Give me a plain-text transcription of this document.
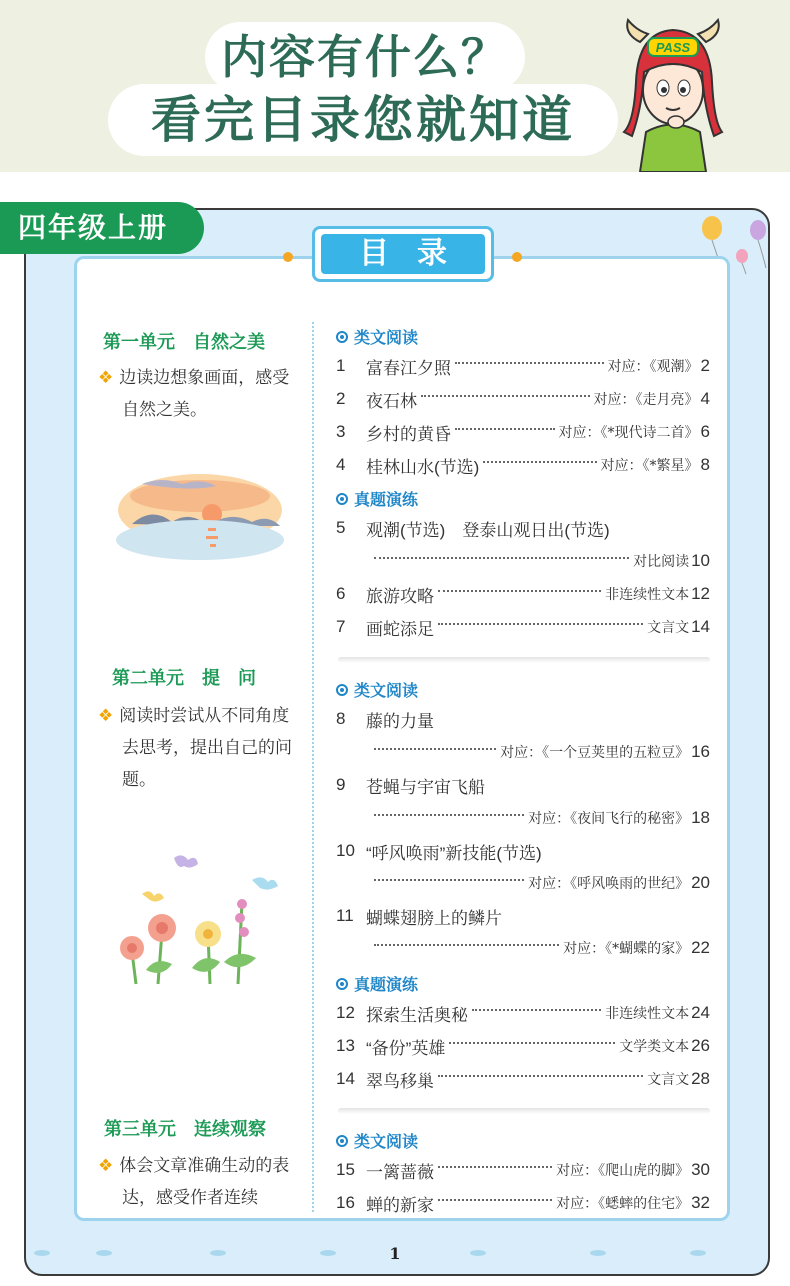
内容有什么？
看完目录您就知道
PASS
四年级上册
目录
第一单元　自然之美
❖ 边读边想象画面，感受自然之美。
第二单元　提　问
❖ 阅读时尝试从不同角度去思考，提出自己的问题。
第三单元　连续观察
❖ 体会文章准确生动的表达，感受作者连续
类文阅读
1	富春江夕照	对应：《观潮》 2
2	夜石林	对应：《走月亮》 4
3	乡村的黄昏	对应：《*现代诗二首》 6
4	桂林山水(节选)	对应：《*繁星》 8
真题演练
5	观潮(节选)　登泰山观日出(节选)
对比阅读 10
6	旅游攻略	非连续性文本 12
7	画蛇添足	文言文 14
类文阅读
8	藤的力量
对应：《一个豆荚里的五粒豆》 16
9	苍蝇与宇宙飞船
对应：《夜间飞行的秘密》 18
10 “呼风唤雨”新技能(节选)
对应：《呼风唤雨的世纪》 20
11 蝴蝶翅膀上的鳞片
对应：《*蝴蝶的家》 22
真题演练
12 探索生活奥秘	非连续性文本 24
13 “备份”英雄	文学类文本 26
14 翠鸟移巢	文言文 28
类文阅读
15 一篱蔷薇	对应：《爬山虎的脚》 30
16 蝉的新家	对应：《蟋蟀的住宅》 32
1
